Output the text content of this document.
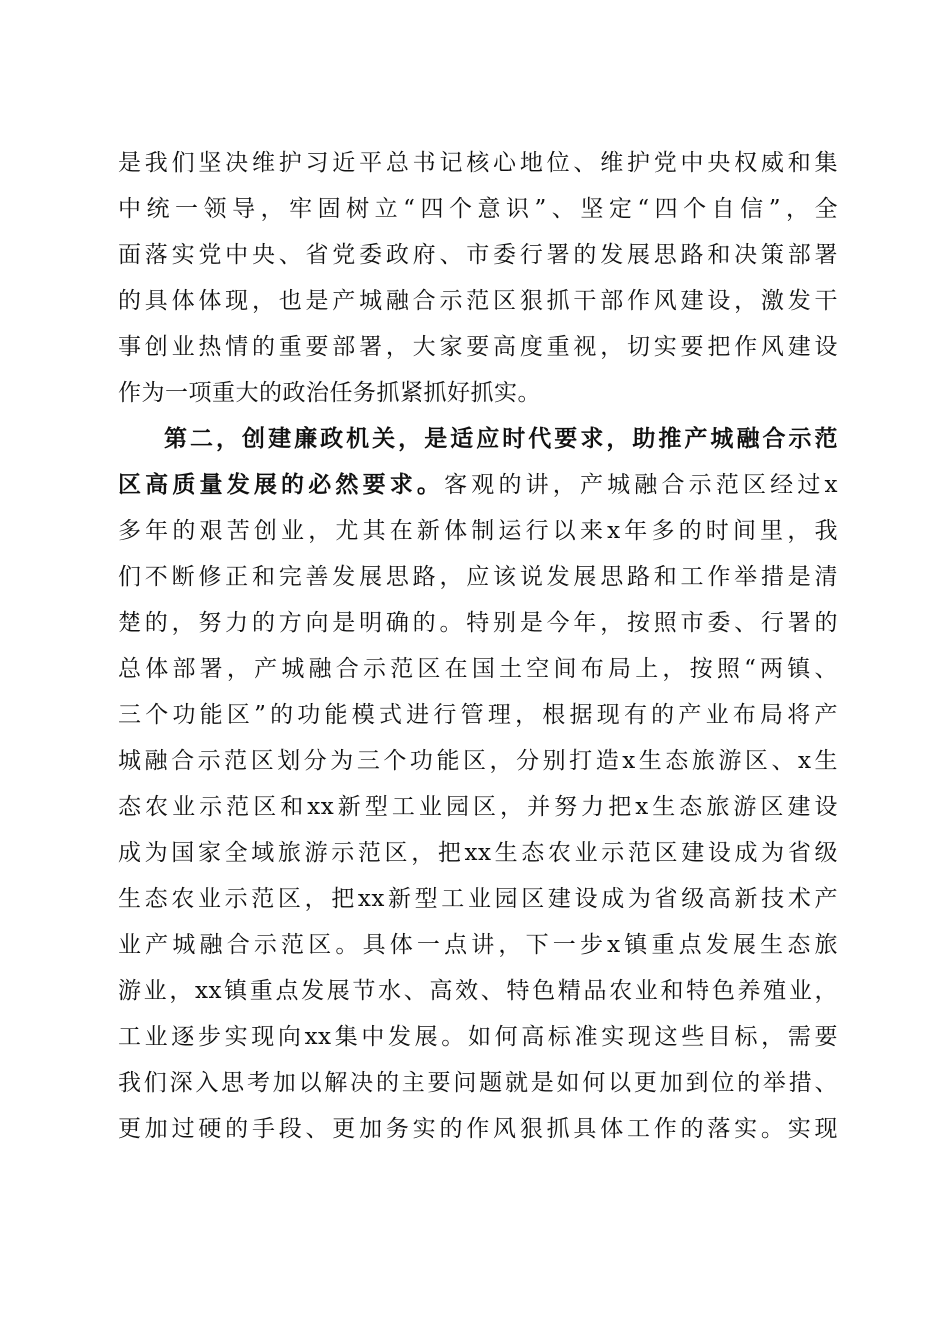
是我们坚决维护习近平总书记核心地位、维护党中央权威和集
中统一领导，牢固树立“四个意识”、坚定“四个自信”，全
面落实党中央、省党委政府、市委行署的发展思路和决策部署
的具体体现，也是产城融合示范区狠抓干部作风建设，激发干
事创业热情的重要部署，大家要高度重视，切实要把作风建设
作为一项重大的政治任务抓紧抓好抓实。
第二，创建廉政机关，是适应时代要求，助推产城融合示范
区高质量发展的必然要求。客观的讲，产城融合示范区经过x
多年的艰苦创业，尤其在新体制运行以来x年多的时间里，我
们不断修正和完善发展思路，应该说发展思路和工作举措是清
楚的，努力的方向是明确的。特别是今年，按照市委、行署的
总体部署，产城融合示范区在国土空间布局上，按照“两镇、
三个功能区”的功能模式进行管理，根据现有的产业布局将产
城融合示范区划分为三个功能区，分别打造x生态旅游区、x生
态农业示范区和xx新型工业园区，并努力把x生态旅游区建设
成为国家全域旅游示范区，把xx生态农业示范区建设成为省级
生态农业示范区，把xx新型工业园区建设成为省级高新技术产
业产城融合示范区。具体一点讲，下一步x镇重点发展生态旅
游业，xx镇重点发展节水、高效、特色精品农业和特色养殖业，
工业逐步实现向xx集中发展。如何高标准实现这些目标，需要
我们深入思考加以解决的主要问题就是如何以更加到位的举措、
更加过硬的手段、更加务实的作风狠抓具体工作的落实。实现
